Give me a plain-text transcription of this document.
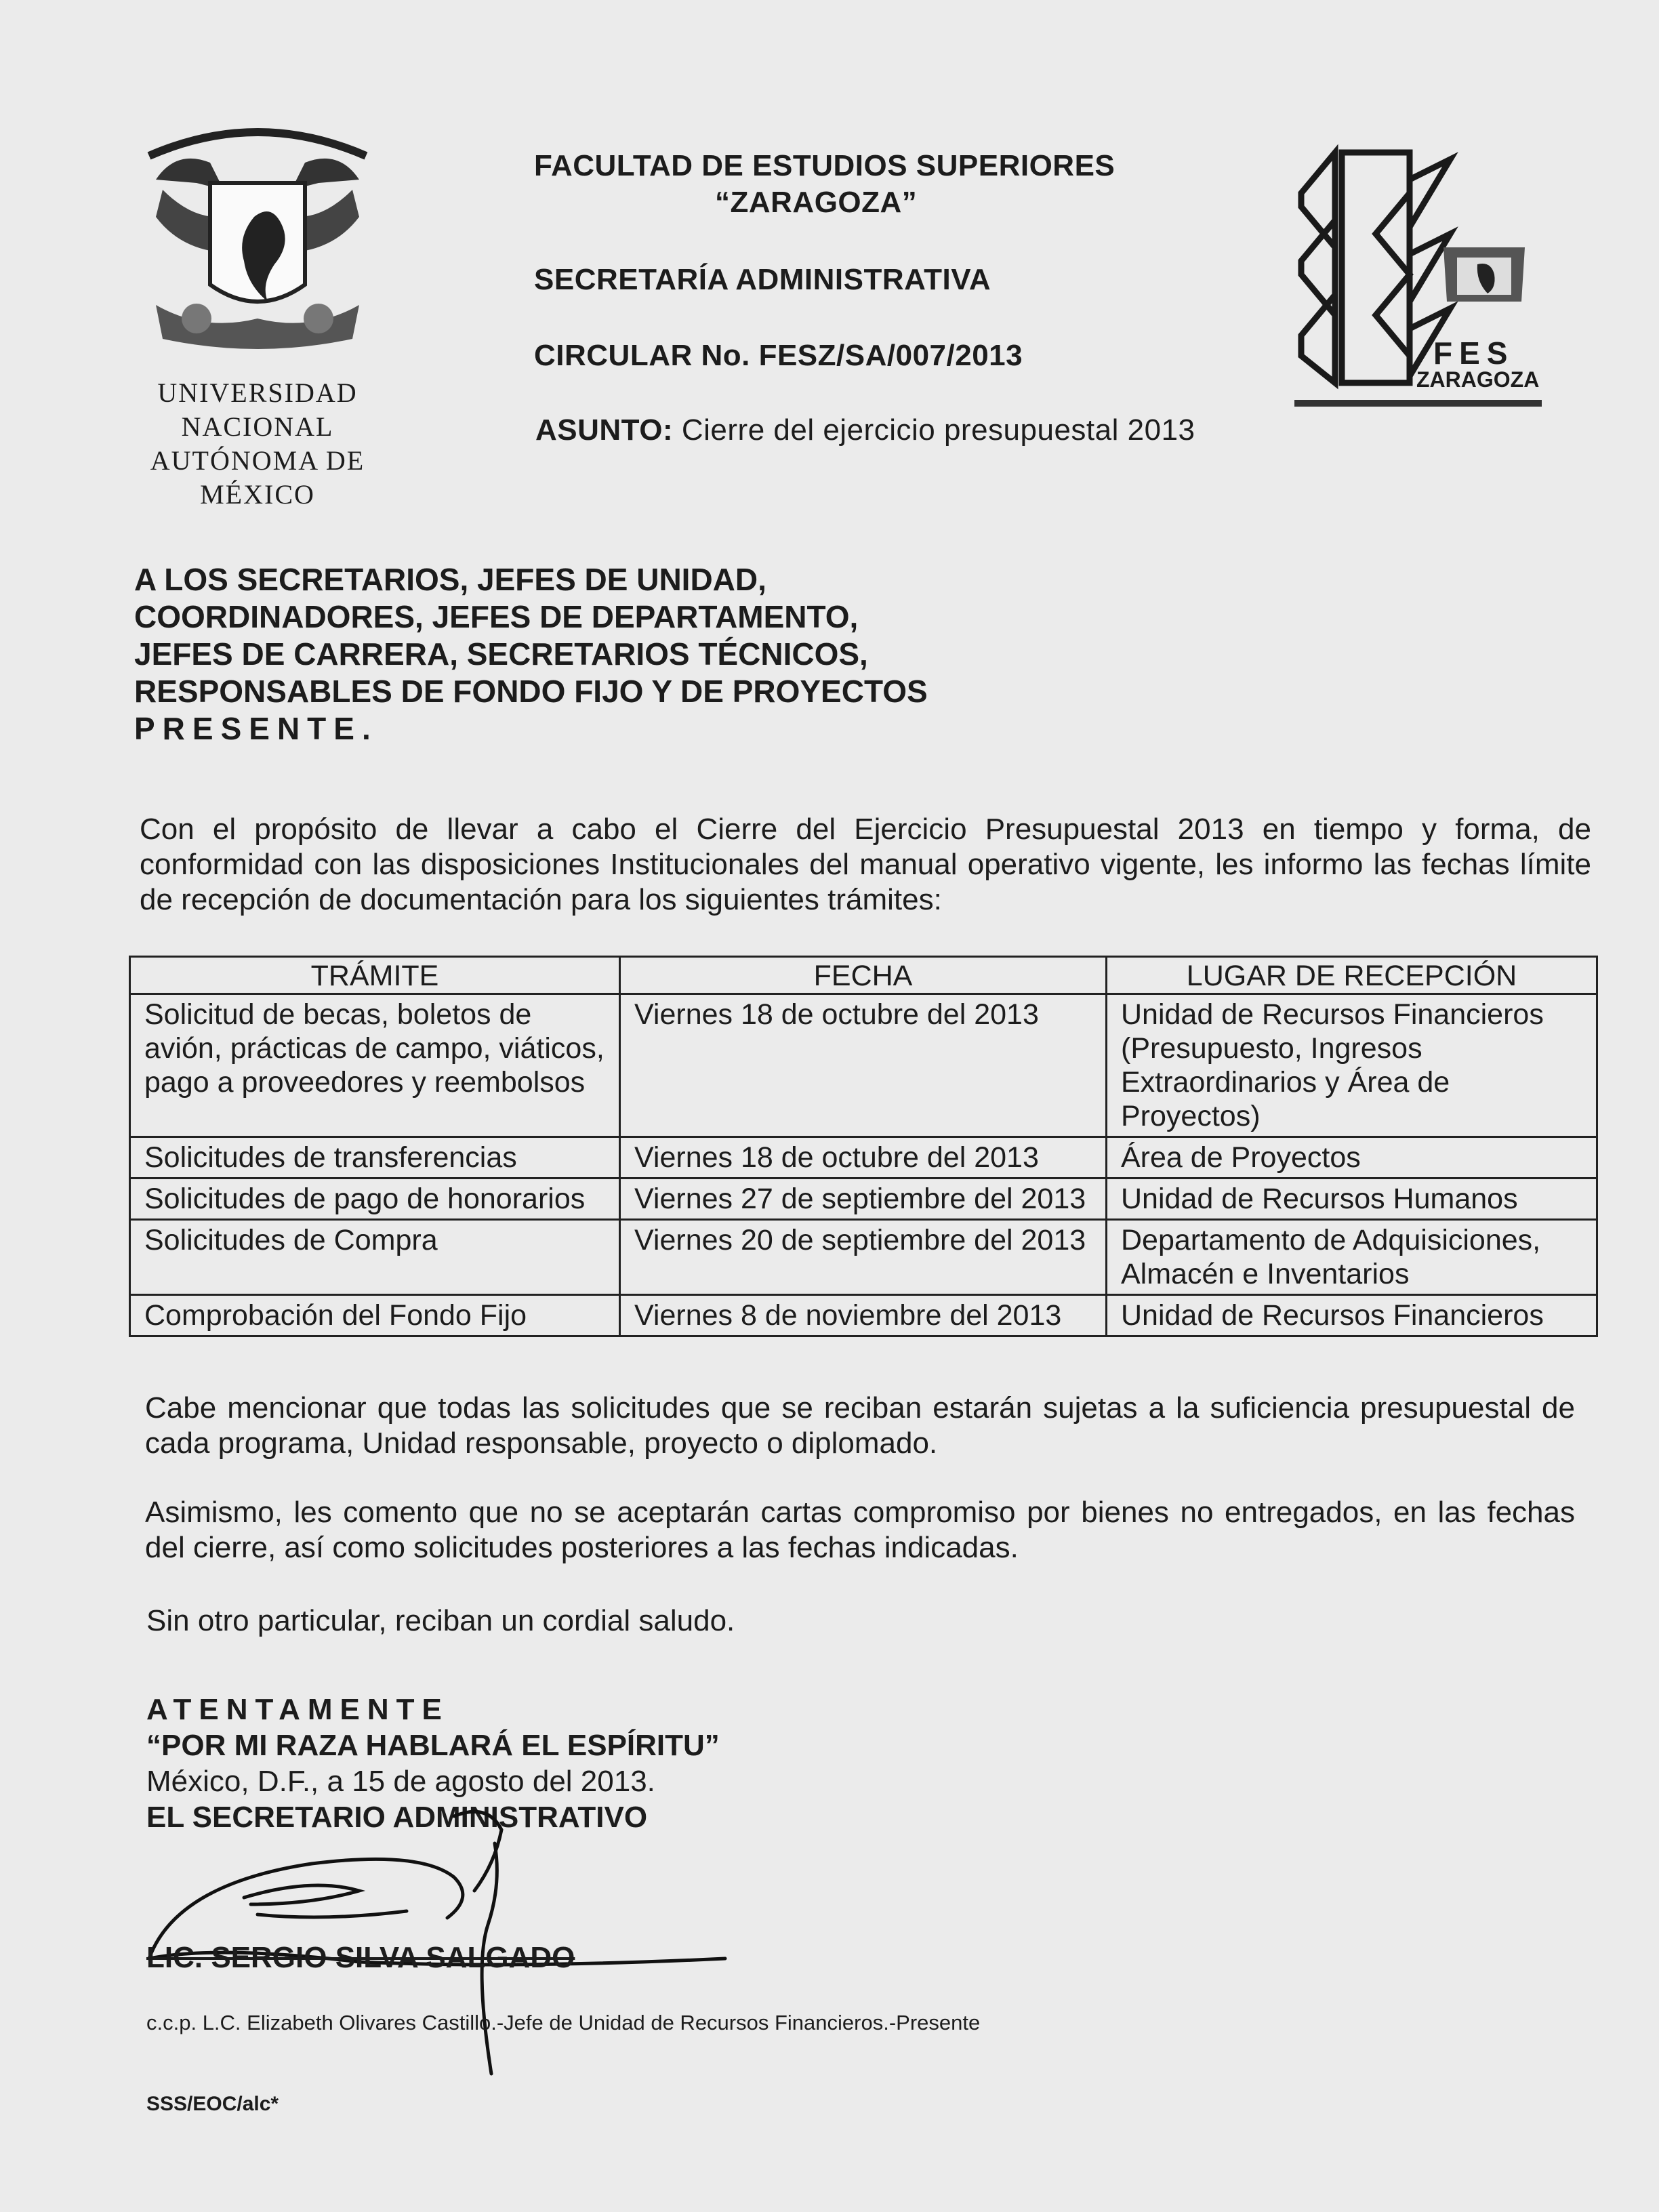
UNIVERSIDAD NACIONAL
AUTÓNOMA DE
MÉXICO
FACULTAD DE ESTUDIOS SUPERIORES
“ZARAGOZA”
SECRETARÍA ADMINISTRATIVA
CIRCULAR No. FESZ/SA/007/2013
ASUNTO: Cierre del ejercicio presupuestal 2013
FES
ZARAGOZA
A LOS SECRETARIOS, JEFES DE UNIDAD,
COORDINADORES, JEFES DE DEPARTAMENTO,
JEFES DE CARRERA, SECRETARIOS TÉCNICOS,
RESPONSABLES DE FONDO FIJO Y DE PROYECTOS
PRESENTE.
Con el propósito de llevar a cabo el Cierre del Ejercicio Presupuestal 2013 en tiempo y forma, de conformidad con las disposiciones Institucionales del manual operativo vigente, les informo las fechas límite de recepción de documentación para los siguientes trámites:
TRÁMITE	FECHA	LUGAR DE RECEPCIÓN
Solicitud de becas, boletos de avión, prácticas de campo, viáticos, pago a proveedores y reembolsos	Viernes 18 de octubre del 2013	Unidad de Recursos Financieros (Presupuesto, Ingresos Extraordinarios y Área de Proyectos)
Solicitudes de transferencias	Viernes 18 de octubre del 2013	Área de Proyectos
Solicitudes de pago de honorarios	Viernes 27 de septiembre del 2013	Unidad de Recursos Humanos
Solicitudes de Compra	Viernes 20 de septiembre del 2013	Departamento de Adquisiciones, Almacén e Inventarios
Comprobación del Fondo Fijo	Viernes 8 de noviembre del 2013	Unidad de Recursos Financieros
Cabe mencionar que todas las solicitudes que se reciban estarán sujetas a la suficiencia presupuestal de cada programa, Unidad responsable, proyecto o diplomado.
Asimismo, les comento que no se aceptarán cartas compromiso por bienes no entregados, en las fechas del cierre, así como solicitudes posteriores a las fechas indicadas.
Sin otro particular, reciban un cordial saludo.
ATENTAMENTE
“POR MI RAZA HABLARÁ EL ESPÍRITU”
México, D.F., a 15 de agosto del 2013.
EL SECRETARIO ADMINISTRATIVO
LIC. SERGIO SILVA SALGADO
c.c.p. L.C. Elizabeth Olivares Castillo.-Jefe de Unidad de Recursos Financieros.-Presente
SSS/EOC/alc*
